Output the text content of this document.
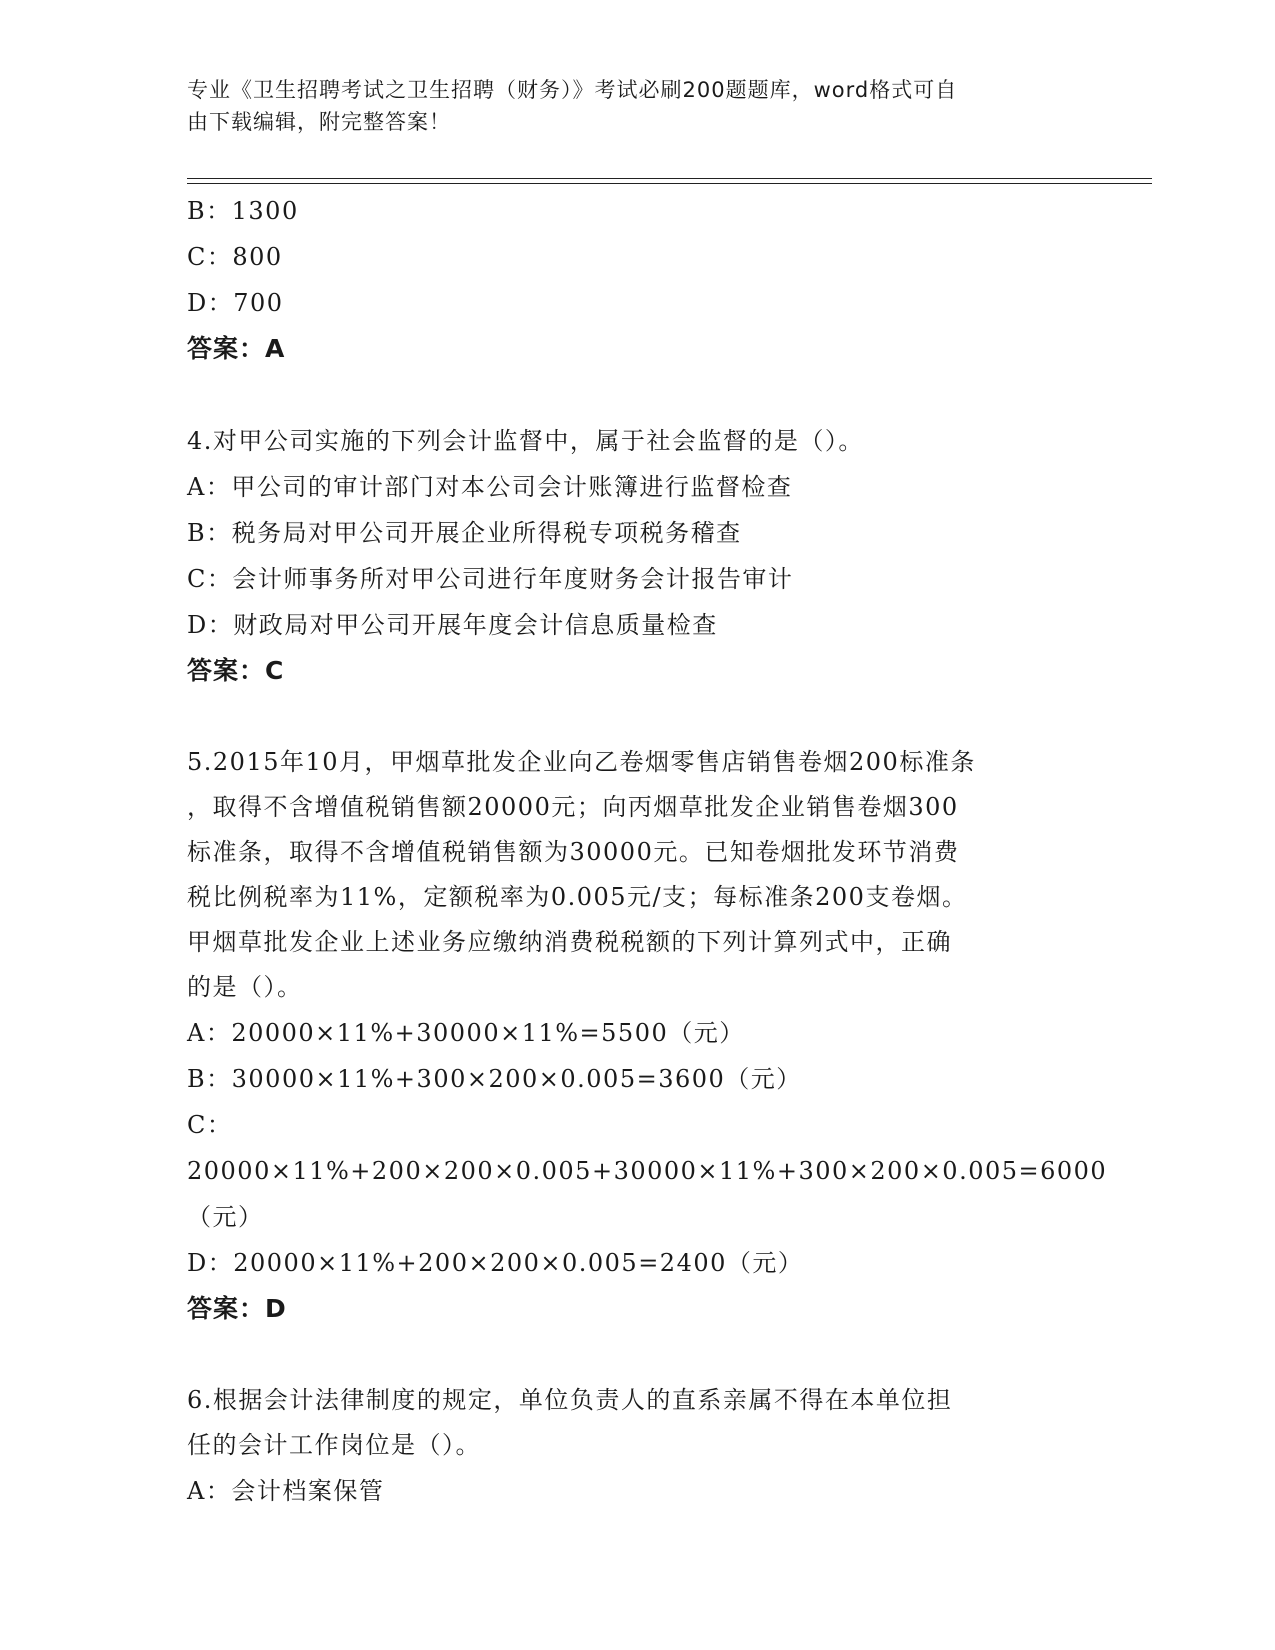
专业《卫生招聘考试之卫生招聘（财务）》考试必刷200题题库，word格式可自
由下载编辑，附完整答案！
B：1300
C：800
D：700
答案：A
4.对甲公司实施的下列会计监督中，属于社会监督的是（）。
A：甲公司的审计部门对本公司会计账簿进行监督检查
B：税务局对甲公司开展企业所得税专项税务稽查
C：会计师事务所对甲公司进行年度财务会计报告审计
D：财政局对甲公司开展年度会计信息质量检查
答案：C
5.2015年10月，甲烟草批发企业向乙卷烟零售店销售卷烟200标准条
，取得不含增值税销售额20000元；向丙烟草批发企业销售卷烟300
标准条，取得不含增值税销售额为30000元。已知卷烟批发环节消费
税比例税率为11%，定额税率为0.005元/支；每标准条200支卷烟。
甲烟草批发企业上述业务应缴纳消费税税额的下列计算列式中，正确
的是（）。
A：20000×11%+30000×11%=5500（元）
B：30000×11%+300×200×0.005=3600（元）
C：20000×11%+200×200×0.005+30000×11%+300×200×0.005=6000
（元）
D：20000×11%+200×200×0.005=2400（元）
答案：D
6.根据会计法律制度的规定，单位负责人的直系亲属不得在本单位担
任的会计工作岗位是（）。
A：会计档案保管
